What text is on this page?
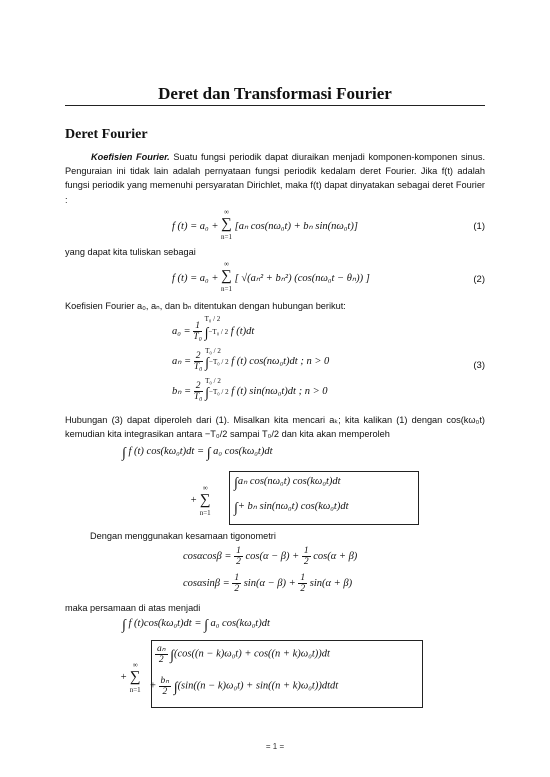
Deret dan Transformasi Fourier
Deret Fourier
Koefisien Fourier. Suatu fungsi periodik dapat diuraikan menjadi komponen-komponen sinus. Penguraian ini tidak lain adalah pernyataan fungsi periodik kedalam deret Fourier. Jika f(t) adalah fungsi periodik yang memenuhi persyaratan Dirichlet, maka f(t) dapat dinyatakan sebagai deret Fourier :
f (t) = a₀ +
∞
∑
n=1
[aₙ cos(nω₀t) + bₙ sin(nω₀t)]	(1)
yang dapat kita tuliskan sebagai
f (t) = a₀ +
∞
∑
n=1
[ √(aₙ² + bₙ²) (cos(nω₀t − θₙ)) ]	(2)
Koefisien Fourier a₀, aₙ, dan bₙ ditentukan dengan hubungan berikut:
$a_0 = \frac{1}{\text{T₀}}$

T₀ / 2

∫−T₀ / 2 f (t)dt
$a_n = \frac{2}{\text{T₀}}$
T₀ / 2

∫−T₀ / 2 f (t) cos(nω₀t)dt ; n > 0	(3)
$b_n = \frac{2}{\text{T₀}}$
T₀ / 2

∫−T₀ / 2 f (t) sin(nω₀t)dt ; n > 0
Hubungan (3) dapat diperoleh dari (1). Misalkan kita mencari aₖ; kita kalikan (1) dengan cos(kω₀t) kemudian kita integrasikan antara −T₀/2 sampai T₀/2 dan kita akan memperoleh
∫ f (t) cos(kω₀t)dt = ∫ a₀ cos(kω₀t)dt
+
∞
∑
n=1
∫aₙ cos(nω₀t) cos(kω₀t)dt
∫+ bₙ sin(nω₀t) cos(kω₀t)dt
Dengan menggunakan kesamaan tigonometri
$\cos\alpha\cos\beta = \frac{1}{2} \cos(\alpha - \beta) + \frac{1}{2} \cos(\alpha + \beta)$
$\cos\alpha\sin\beta = \frac{1}{2} \sin(\alpha - \beta) + \frac{1}{2} \sin(\alpha + \beta)$
maka persamaan di atas menjadi
∫ f (t)cos(kω₀t)dt = ∫ a₀ cos(kω₀t)dt
+
∞
∑
n=1
$\frac{\text{aₙ}}{2} \int(\cos((n - k)\omega_0t) + \cos((n + k)\omega_0t))dt$
+ $\frac{\text{bₙ}}{2} \int(\sin((n - k)\omega_0t) + \sin((n$ + k)ω₀t))dtdt
= 1 =
